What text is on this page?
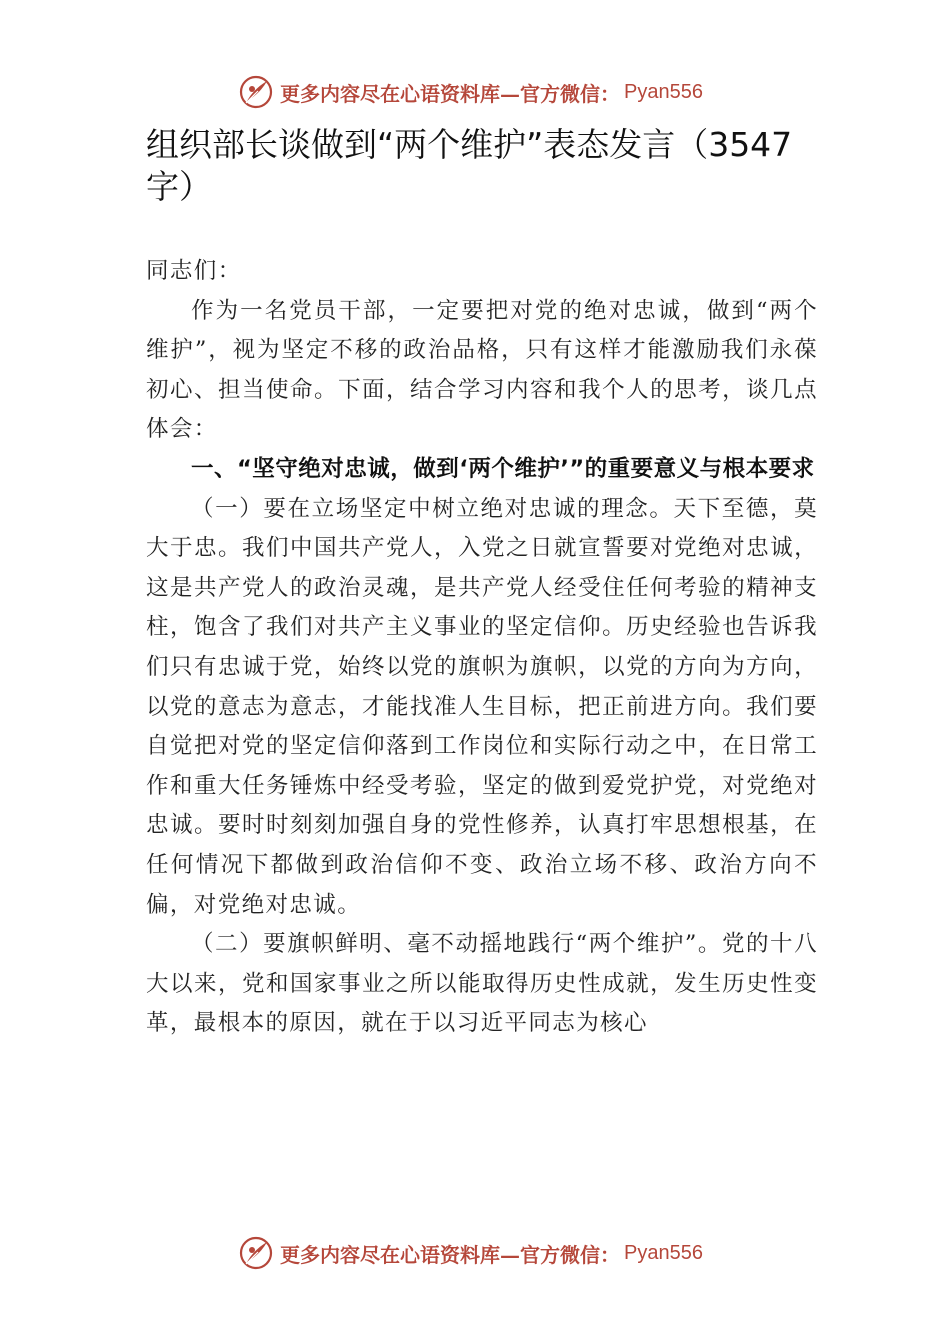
更多内容尽在心语资料库—官方微信： Pyan556
组织部长谈做到“两个维护”表态发言（3547字）

同志们：

作为一名党员干部，一定要把对党的绝对忠诚，做到“两个维护”，视为坚定不移的政治品格，只有这样才能激励我们永葆初心、担当使命。下面，结合学习内容和我个人的思考，谈几点体会：

一、“坚守绝对忠诚，做到‘两个维护’”的重要意义与根本要求

（一）要在立场坚定中树立绝对忠诚的理念。天下至德，莫大于忠。我们中国共产党人，入党之日就宣誓要对党绝对忠诚，这是共产党人的政治灵魂，是共产党人经受住任何考验的精神支柱，饱含了我们对共产主义事业的坚定信仰。历史经验也告诉我们只有忠诚于党，始终以党的旗帜为旗帜，以党的方向为方向，以党的意志为意志，才能找准人生目标，把正前进方向。我们要自觉把对党的坚定信仰落到工作岗位和实际行动之中，在日常工作和重大任务锤炼中经受考验，坚定的做到爱党护党，对党绝对忠诚。要时时刻刻加强自身的党性修养，认真打牢思想根基，在任何情况下都做到政治信仰不变、政治立场不移、政治方向不偏，对党绝对忠诚。

（二）要旗帜鲜明、毫不动摇地践行“两个维护”。党的十八大以来，党和国家事业之所以能取得历史性成就，发生历史性变革，最根本的原因，就在于以习近平同志为核心

更多内容尽在心语资料库—官方微信： Pyan556
